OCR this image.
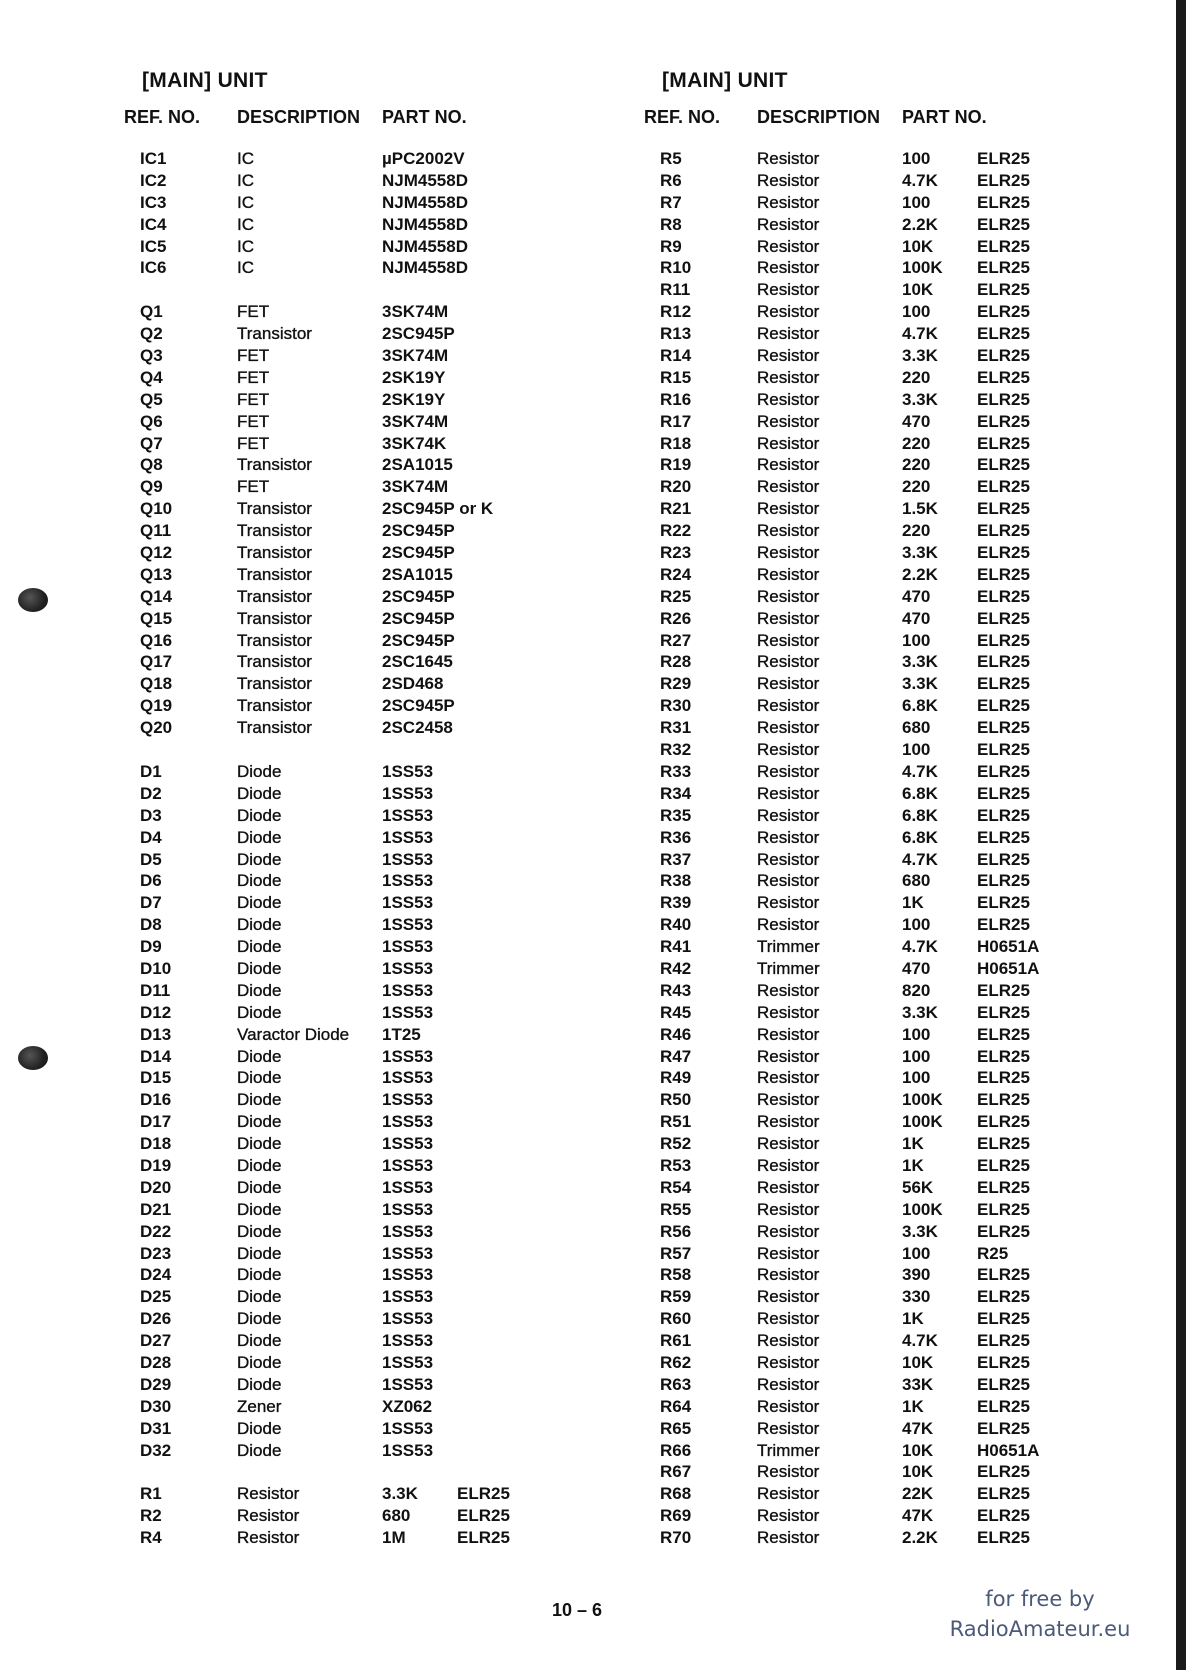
[MAIN] UNIT
REF. NO.	DESCRIPTION	PART NO.
IC1	IC	µPC2002V
IC2	IC	NJM4558D
IC3	IC	NJM4558D
IC4	IC	NJM4558D
IC5	IC	NJM4558D
IC6	IC	NJM4558D
Q1	FET	3SK74M
Q2	Transistor	2SC945P
Q3	FET	3SK74M
Q4	FET	2SK19Y
Q5	FET	2SK19Y
Q6	FET	3SK74M
Q7	FET	3SK74K
Q8	Transistor	2SA1015
Q9	FET	3SK74M
Q10	Transistor	2SC945P or K
Q11	Transistor	2SC945P
Q12	Transistor	2SC945P
Q13	Transistor	2SA1015
Q14	Transistor	2SC945P
Q15	Transistor	2SC945P
Q16	Transistor	2SC945P
Q17	Transistor	2SC1645
Q18	Transistor	2SD468
Q19	Transistor	2SC945P
Q20	Transistor	2SC2458
D1	Diode	1SS53
D2	Diode	1SS53
D3	Diode	1SS53
D4	Diode	1SS53
D5	Diode	1SS53
D6	Diode	1SS53
D7	Diode	1SS53
D8	Diode	1SS53
D9	Diode	1SS53
D10	Diode	1SS53
D11	Diode	1SS53
D12	Diode	1SS53
D13	Varactor Diode	1T25
D14	Diode	1SS53
D15	Diode	1SS53
D16	Diode	1SS53
D17	Diode	1SS53
D18	Diode	1SS53
D19	Diode	1SS53
D20	Diode	1SS53
D21	Diode	1SS53
D22	Diode	1SS53
D23	Diode	1SS53
D24	Diode	1SS53
D25	Diode	1SS53
D26	Diode	1SS53
D27	Diode	1SS53
D28	Diode	1SS53
D29	Diode	1SS53
D30	Zener	XZ062
D31	Diode	1SS53
D32	Diode	1SS53
R1	Resistor	3.3K	ELR25
R2	Resistor	680	ELR25
R4	Resistor	1M	ELR25
[MAIN] UNIT
REF. NO.	DESCRIPTION	PART NO.
R5	Resistor	100	ELR25
R6	Resistor	4.7K	ELR25
R7	Resistor	100	ELR25
R8	Resistor	2.2K	ELR25
R9	Resistor	10K	ELR25
R10	Resistor	100K	ELR25
R11	Resistor	10K	ELR25
R12	Resistor	100	ELR25
R13	Resistor	4.7K	ELR25
R14	Resistor	3.3K	ELR25
R15	Resistor	220	ELR25
R16	Resistor	3.3K	ELR25
R17	Resistor	470	ELR25
R18	Resistor	220	ELR25
R19	Resistor	220	ELR25
R20	Resistor	220	ELR25
R21	Resistor	1.5K	ELR25
R22	Resistor	220	ELR25
R23	Resistor	3.3K	ELR25
R24	Resistor	2.2K	ELR25
R25	Resistor	470	ELR25
R26	Resistor	470	ELR25
R27	Resistor	100	ELR25
R28	Resistor	3.3K	ELR25
R29	Resistor	3.3K	ELR25
R30	Resistor	6.8K	ELR25
R31	Resistor	680	ELR25
R32	Resistor	100	ELR25
R33	Resistor	4.7K	ELR25
R34	Resistor	6.8K	ELR25
R35	Resistor	6.8K	ELR25
R36	Resistor	6.8K	ELR25
R37	Resistor	4.7K	ELR25
R38	Resistor	680	ELR25
R39	Resistor	1K	ELR25
R40	Resistor	100	ELR25
R41	Trimmer	4.7K	H0651A
R42	Trimmer	470	H0651A
R43	Resistor	820	ELR25
R45	Resistor	3.3K	ELR25
R46	Resistor	100	ELR25
R47	Resistor	100	ELR25
R49	Resistor	100	ELR25
R50	Resistor	100K	ELR25
R51	Resistor	100K	ELR25
R52	Resistor	1K	ELR25
R53	Resistor	1K	ELR25
R54	Resistor	56K	ELR25
R55	Resistor	100K	ELR25
R56	Resistor	3.3K	ELR25
R57	Resistor	100	R25
R58	Resistor	390	ELR25
R59	Resistor	330	ELR25
R60	Resistor	1K	ELR25
R61	Resistor	4.7K	ELR25
R62	Resistor	10K	ELR25
R63	Resistor	33K	ELR25
R64	Resistor	1K	ELR25
R65	Resistor	47K	ELR25
R66	Trimmer	10K	H0651A
R67	Resistor	10K	ELR25
R68	Resistor	22K	ELR25
R69	Resistor	47K	ELR25
R70	Resistor	2.2K	ELR25
10 – 6	for free by
RadioAmateur.eu
